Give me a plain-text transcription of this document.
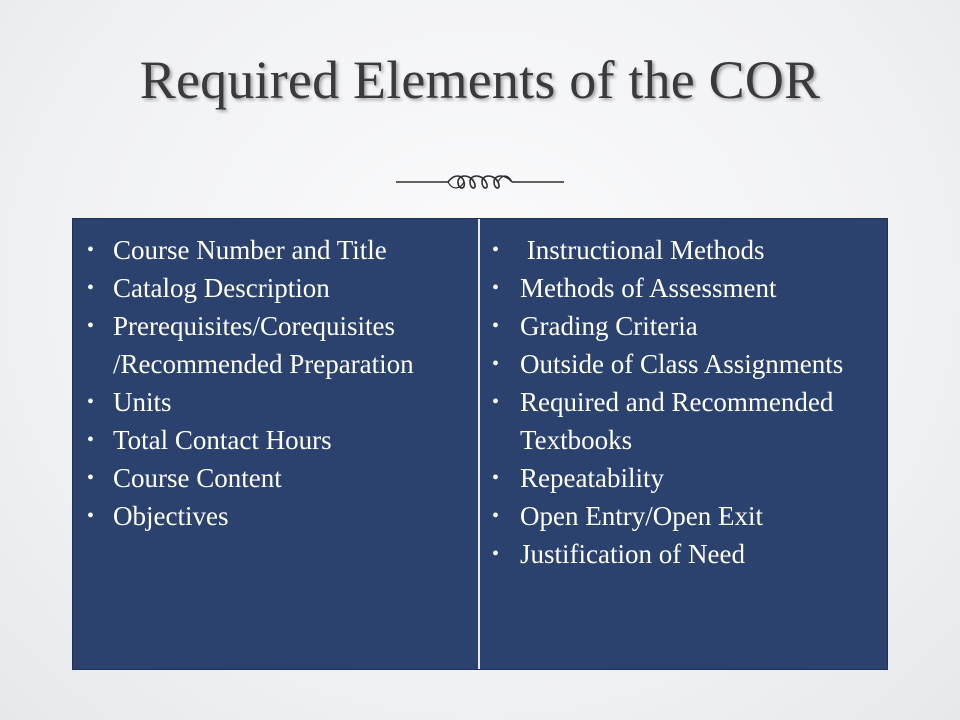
Required Elements of the COR
• Course Number and Title
• Catalog Description
• Prerequisites/Corequisites /Recommended Preparation
• Units
• Total Contact Hours
• Course Content
• Objectives
• Instructional Methods
• Methods of Assessment
• Grading Criteria
• Outside of Class Assignments
• Required and Recommended Textbooks
• Repeatability
• Open Entry/Open Exit
• Justification of Need
